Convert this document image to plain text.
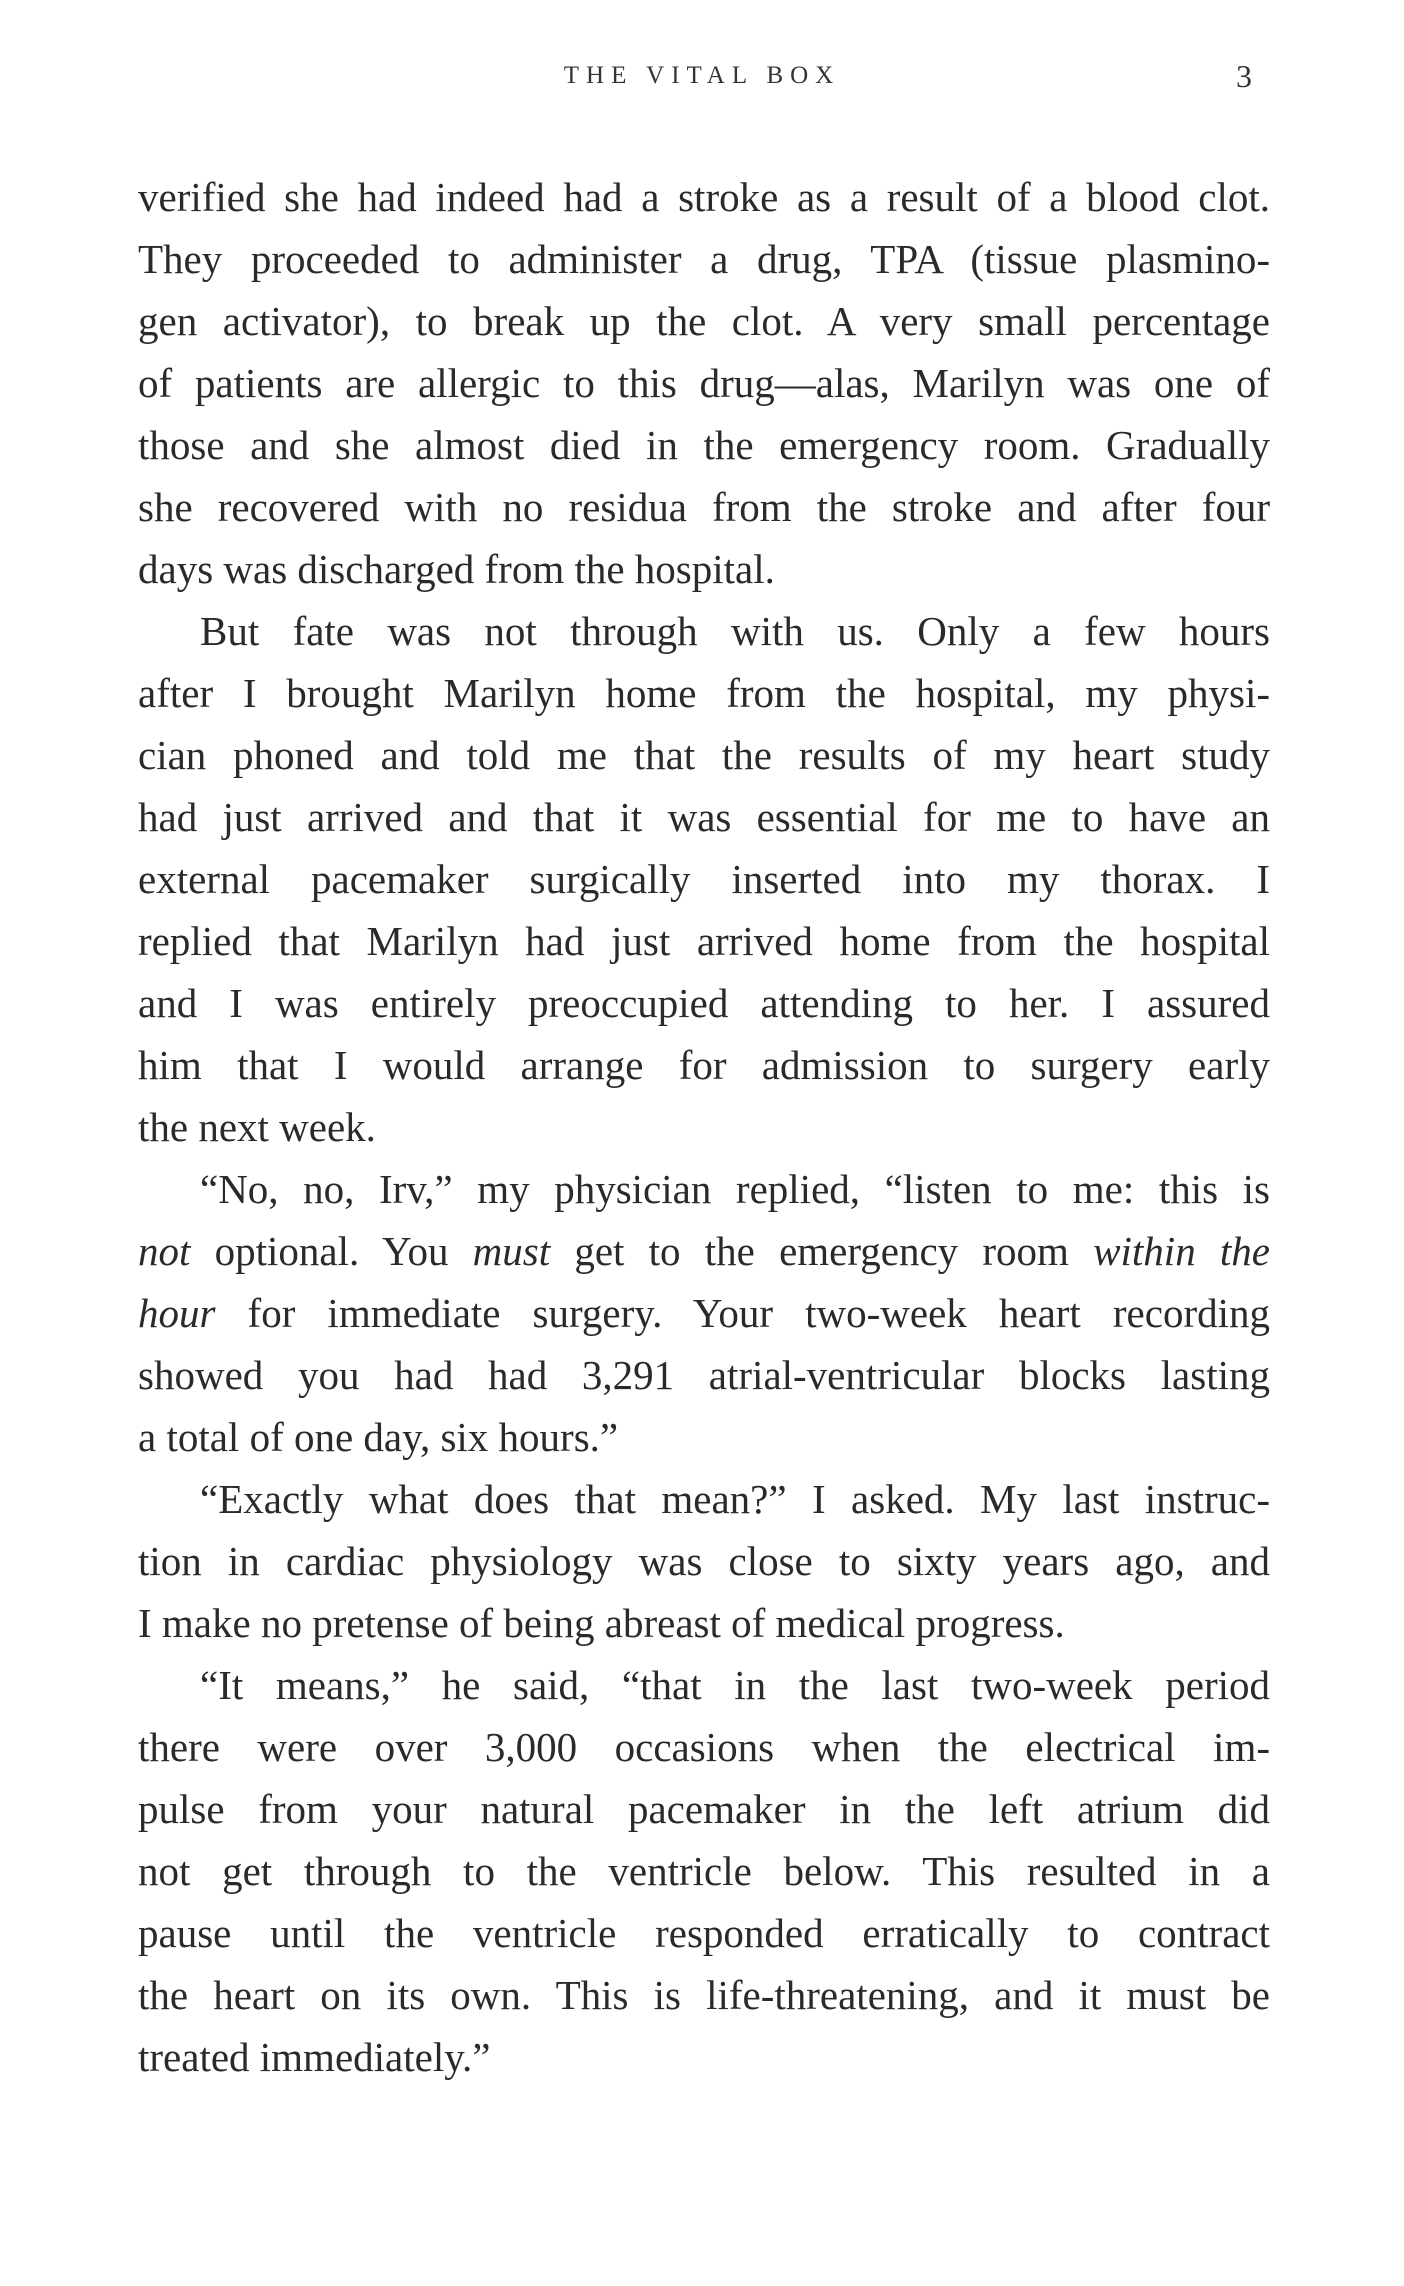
THE VITAL BOX	3
verified she had indeed had a stroke as a result of a blood clot.
They proceeded to administer a drug, TPA (tissue plasmino-
gen activator), to break up the clot. A very small percentage
of patients are allergic to this drug—alas, Marilyn was one of
those and she almost died in the emergency room. Gradually
she recovered with no residua from the stroke and after four
days was discharged from the hospital.
But fate was not through with us. Only a few hours
after I brought Marilyn home from the hospital, my physi-
cian phoned and told me that the results of my heart study
had just arrived and that it was essential for me to have an
external pacemaker surgically inserted into my thorax. I
replied that Marilyn had just arrived home from the hospital
and I was entirely preoccupied attending to her. I assured
him that I would arrange for admission to surgery early
the next week.
“No, no, Irv,” my physician replied, “listen to me: this is
not optional. You must get to the emergency room within the
hour for immediate surgery. Your two-week heart recording
showed you had had 3,291 atrial-ventricular blocks lasting
a total of one day, six hours.”
“Exactly what does that mean?” I asked. My last instruc-
tion in cardiac physiology was close to sixty years ago, and
I make no pretense of being abreast of medical progress.
“It means,” he said, “that in the last two-week period
there were over 3,000 occasions when the electrical im-
pulse from your natural pacemaker in the left atrium did
not get through to the ventricle below. This resulted in a
pause until the ventricle responded erratically to contract
the heart on its own. This is life-threatening, and it must be
treated immediately.”
